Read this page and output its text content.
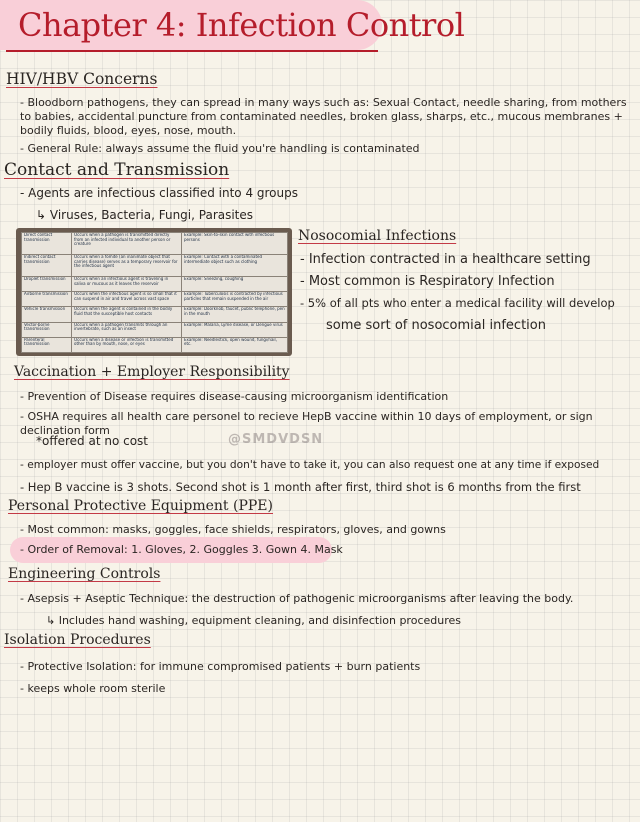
Chapter 4: Infection Control
HIV/HBV Concerns
- Bloodborn pathogens, they can spread in many ways such as: Sexual Contact, needle sharing, from mothers to babies, accidental puncture from contaminated needles, broken glass, sharps, etc., mucous membranes + bodily fluids, blood, eyes, nose, mouth.
- General Rule: always assume the fluid you're handling is contaminated
Contact and Transmission
- Agents are infectious classified into 4 groups
↳ Viruses, Bacteria, Fungi, Parasites
Direct contact transmission	Occurs when a pathogen is transmitted directly from an infected individual to another person or creature	Example: Skin-to-skin contact with infectious persons
Indirect contact transmission	Occurs when a fomite (an inanimate object that carries disease) serves as a temporary reservoir for the infectious agent	Example: Contact with a contaminated intermediate object such as clothing
Droplet transmission	Occurs when an infectious agent is traveling in saliva or mucous as it leaves the reservoir	Example: Sneezing, coughing
Airborne transmission	Occurs when the infectious agent is so small that it can suspend in air and travel across vast space	Example: Tuberculosis is contracted by infectious particles that remain suspended in the air
Vehicle transmission	Occurs when the agent is contained in the bodily fluid that the susceptible host contacts	Example: Doorknob, faucet, public telephone, pen in the mouth
Vector-borne transmission	Occurs when a pathogen transmits through an invertebrate, such as an insect	Example: Malaria, Lyme disease, or Dengue virus
Parenteral transmission	Occurs when a disease or infection is transmitted other than by mouth, nose, or eyes	Example: Needlestick, open wound, fungi/nail, etc.
Nosocomial Infections
- Infection contracted in a healthcare setting
- Most common is Respiratory Infection
- 5% of all pts who enter a medical facility will develop
some sort of nosocomial infection
Vaccination + Employer Responsibility
- Prevention of Disease requires disease-causing microorganism identification
- OSHA requires all health care personel to recieve HepB vaccine within 10 days of employment, or sign declination form
*offered at no cost	@SMDVDSN
- employer must offer vaccine, but you don't have to take it, you can also request one at any time if exposed
- Hep B vaccine is 3 shots. Second shot is 1 month after first, third shot is 6 months from the first
Personal Protective Equipment (PPE)
- Most common: masks, goggles, face shields, respirators, gloves, and gowns
- Order of Removal: 1. Gloves, 2. Goggles 3. Gown 4. Mask
Engineering Controls
- Asepsis + Aseptic Technique: the destruction of pathogenic microorganisms after leaving the body.
↳ Includes hand washing, equipment cleaning, and disinfection procedures
Isolation Procedures
- Protective Isolation: for immune compromised patients + burn patients
- keeps whole room sterile
